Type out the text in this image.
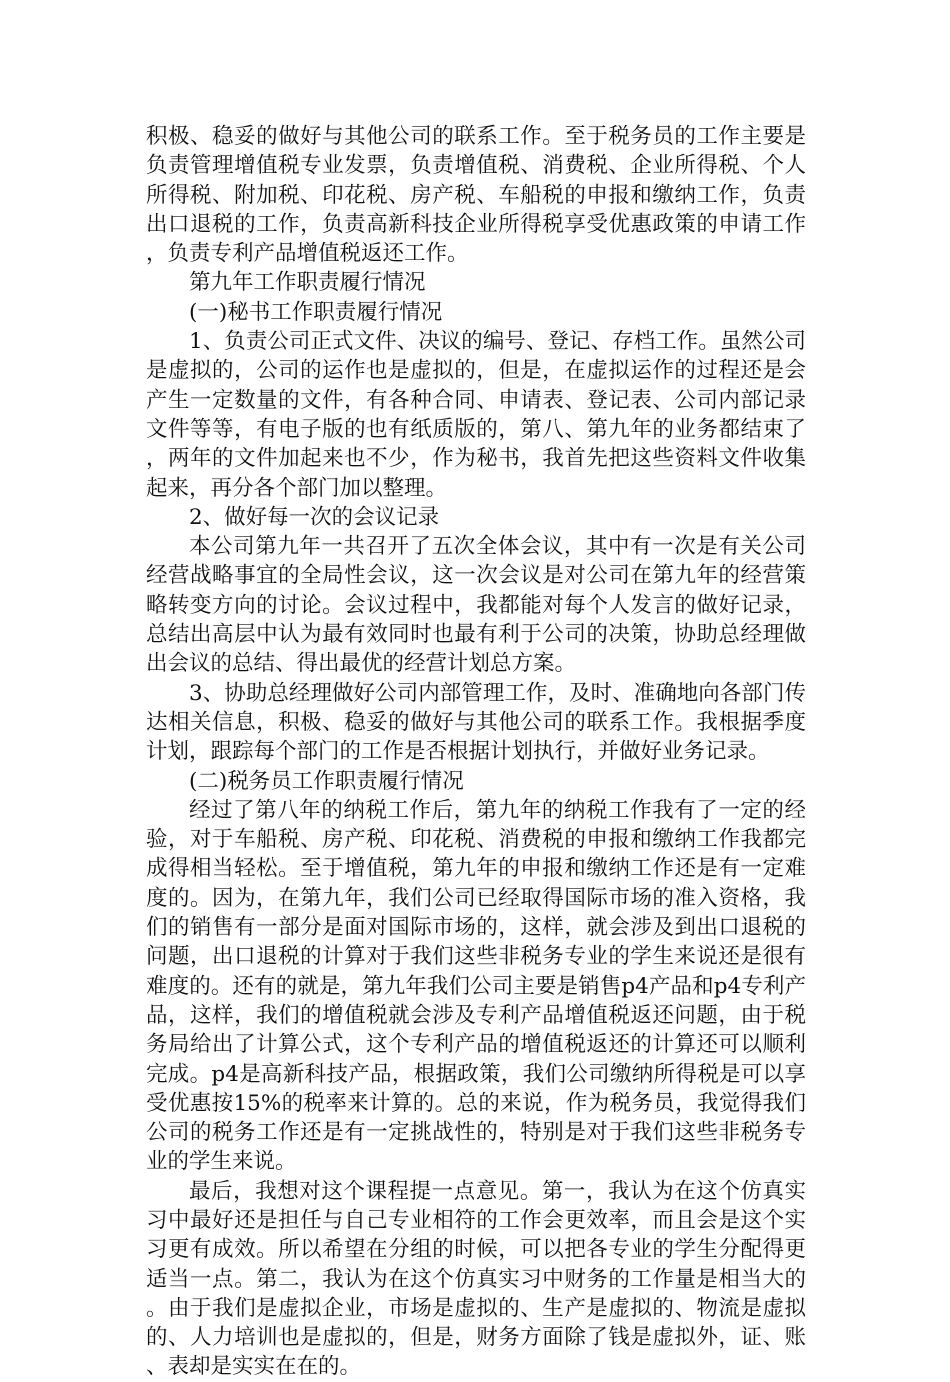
积极、稳妥的做好与其他公司的联系工作。至于税务员的工作主要是负责管理增值税专业发票，负责增值税、消费税、企业所得税、个人所得税、附加税、印花税、房产税、车船税的申报和缴纳工作，负责出口退税的工作，负责高新科技企业所得税享受优惠政策的申请工作，负责专利产品增值税返还工作。

第九年工作职责履行情况

(一)秘书工作职责履行情况

1、负责公司正式文件、决议的编号、登记、存档工作。虽然公司是虚拟的，公司的运作也是虚拟的，但是，在虚拟运作的过程还是会产生一定数量的文件，有各种合同、申请表、登记表、公司内部记录文件等等，有电子版的也有纸质版的，第八、第九年的业务都结束了，两年的文件加起来也不少，作为秘书，我首先把这些资料文件收集起来，再分各个部门加以整理。

2、做好每一次的会议记录

本公司第九年一共召开了五次全体会议，其中有一次是有关公司经营战略事宜的全局性会议，这一次会议是对公司在第九年的经营策略转变方向的讨论。会议过程中，我都能对每个人发言的做好记录，总结出高层中认为最有效同时也最有利于公司的决策，协助总经理做出会议的总结、得出最优的经营计划总方案。

3、协助总经理做好公司内部管理工作，及时、准确地向各部门传达相关信息，积极、稳妥的做好与其他公司的联系工作。我根据季度计划，跟踪每个部门的工作是否根据计划执行，并做好业务记录。

(二)税务员工作职责履行情况

经过了第八年的纳税工作后，第九年的纳税工作我有了一定的经验，对于车船税、房产税、印花税、消费税的申报和缴纳工作我都完成得相当轻松。至于增值税，第九年的申报和缴纳工作还是有一定难度的。因为，在第九年，我们公司已经取得国际市场的准入资格，我们的销售有一部分是面对国际市场的，这样，就会涉及到出口退税的问题，出口退税的计算对于我们这些非税务专业的学生来说还是很有难度的。还有的就是，第九年我们公司主要是销售p4产品和p4专利产品，这样，我们的增值税就会涉及专利产品增值税返还问题，由于税务局给出了计算公式，这个专利产品的增值税返还的计算还可以顺利完成。p4是高新科技产品，根据政策，我们公司缴纳所得税是可以享受优惠按15%的税率来计算的。总的来说，作为税务员，我觉得我们公司的税务工作还是有一定挑战性的，特别是对于我们这些非税务专业的学生来说。

最后，我想对这个课程提一点意见。第一，我认为在这个仿真实习中最好还是担任与自己专业相符的工作会更效率，而且会是这个实习更有成效。所以希望在分组的时候，可以把各专业的学生分配得更适当一点。第二，我认为在这个仿真实习中财务的工作量是相当大的。由于我们是虚拟企业，市场是虚拟的、生产是虚拟的、物流是虚拟的、人力培训也是虚拟的，但是，财务方面除了钱是虚拟外，证、账、表却是实实在在的。
